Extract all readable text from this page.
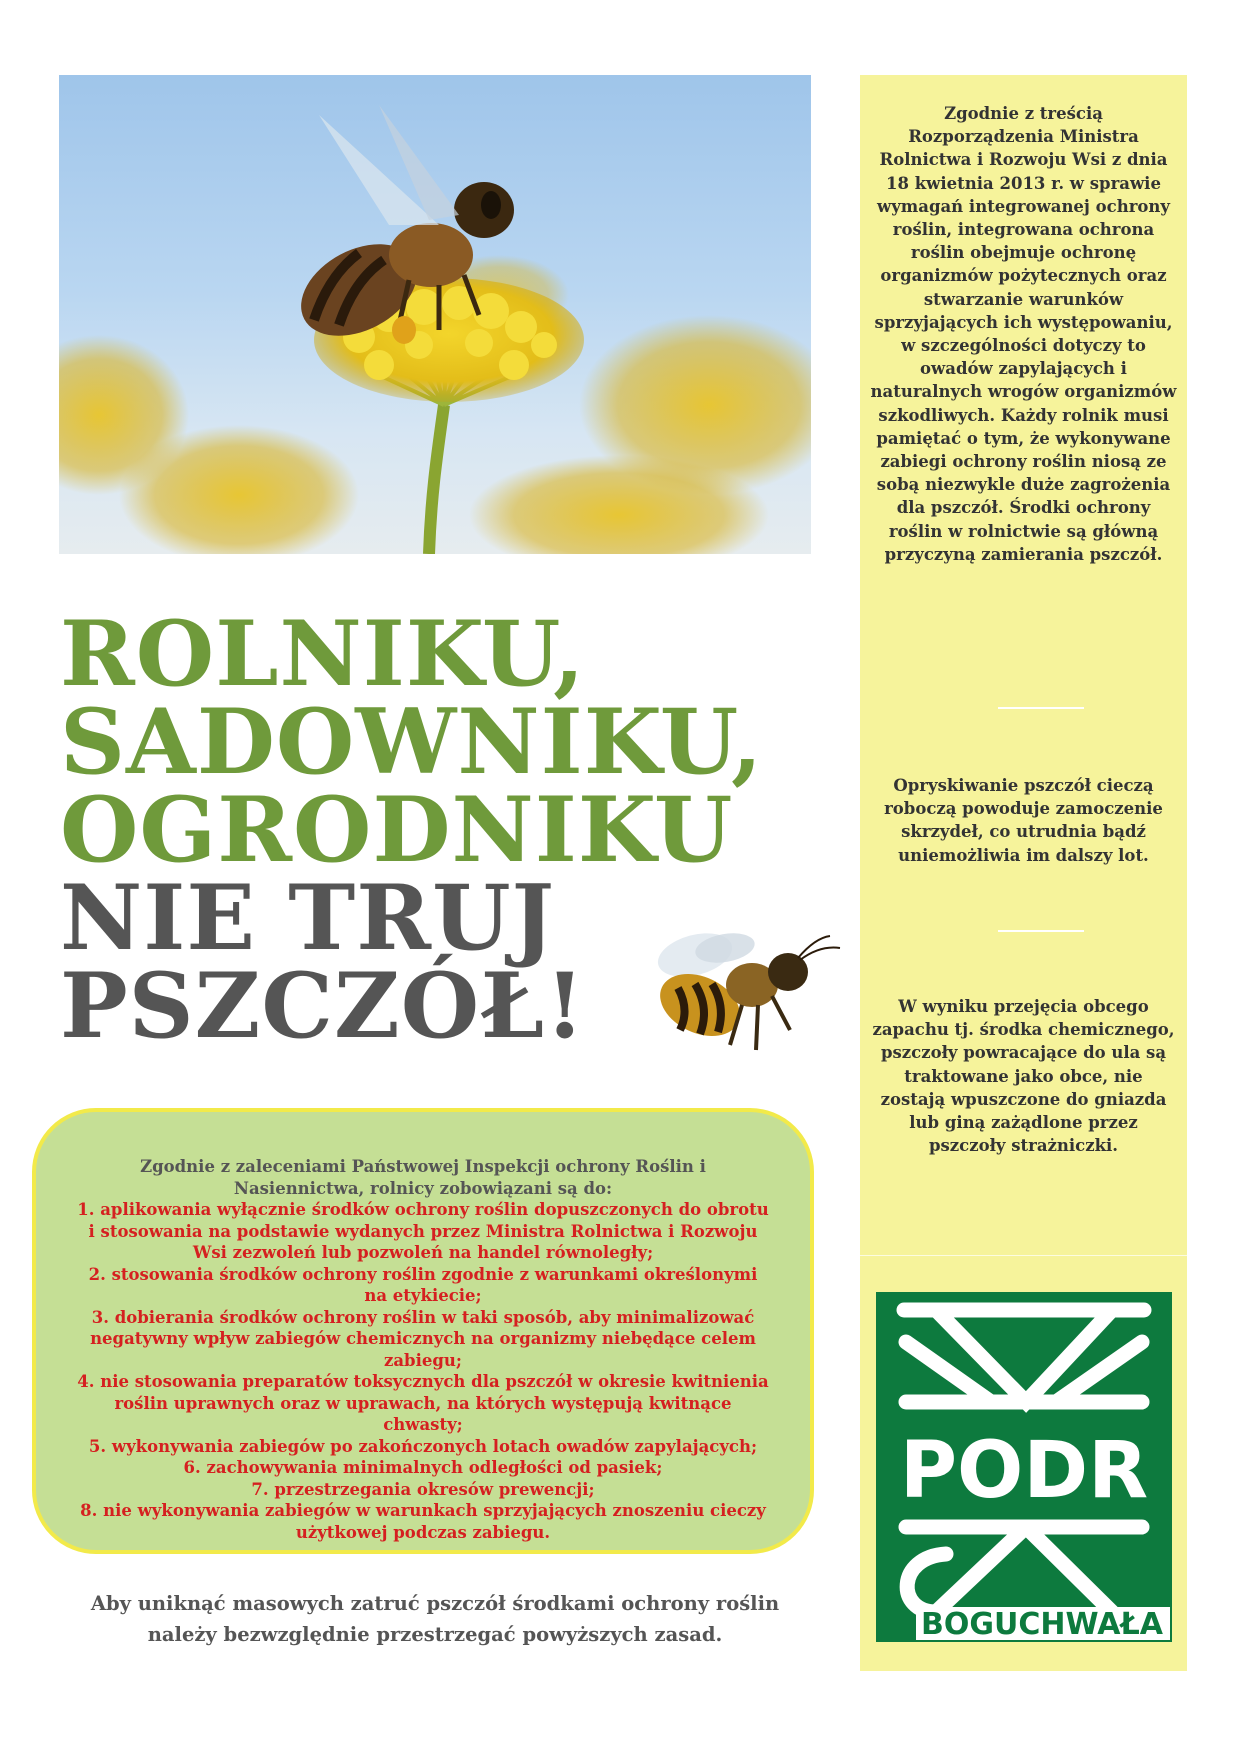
ROLNIKU,
SADOWNIKU,
OGRODNIKU
NIE TRUJ
PSZCZÓŁ!

Zgodnie z zaleceniami Państwowej Inspekcji ochrony Roślin i Nasiennictwa, rolnicy zobowiązani są do:

1. aplikowania wyłącznie środków ochrony roślin dopuszczonych do obrotu i stosowania na podstawie wydanych przez Ministra Rolnictwa i Rozwoju Wsi zezwoleń lub pozwoleń na handel równoległy;
2. stosowania środków ochrony roślin zgodnie z warunkami określonymi na etykiecie;
3. dobierania środków ochrony roślin w taki sposób, aby minimalizować negatywny wpływ zabiegów chemicznych na organizmy niebędące celem zabiegu;
4. nie stosowania preparatów toksycznych dla pszczół w okresie kwitnienia roślin uprawnych oraz w uprawach, na których występują kwitnące chwasty;
5. wykonywania zabiegów po zakończonych lotach owadów zapylających;
6. zachowywania minimalnych odległości od pasiek;
7. przestrzegania okresów prewencji;
8. nie wykonywania zabiegów w warunkach sprzyjających znoszeniu cieczy użytkowej podczas zabiegu.

Aby uniknąć masowych zatruć pszczół środkami ochrony roślin należy bezwzględnie przestrzegać powyższych zasad.

Zgodnie z treścią Rozporządzenia Ministra Rolnictwa i Rozwoju Wsi z dnia 18 kwietnia 2013 r. w sprawie wymagań integrowanej ochrony roślin, integrowana ochrona roślin obejmuje ochronę organizmów pożytecznych oraz stwarzanie warunków sprzyjających ich występowaniu, w szczególności dotyczy to owadów zapylających i naturalnych wrogów organizmów szkodliwych. Każdy rolnik musi pamiętać o tym, że wykonywane zabiegi ochrony roślin niosą ze sobą niezwykle duże zagrożenia dla pszczół. Środki ochrony roślin w rolnictwie są główną przyczyną zamierania pszczół.

Opryskiwanie pszczół cieczą roboczą powoduje zamoczenie skrzydeł, co utrudnia bądź uniemożliwia im dalszy lot.

W wyniku przejęcia obcego zapachu tj. środka chemicznego, pszczoły powracające do ula są traktowane jako obce, nie zostają wpuszczone do gniazda lub giną zażądlone przez pszczoły strażniczki.

PODR
BOGUCHWAŁA
